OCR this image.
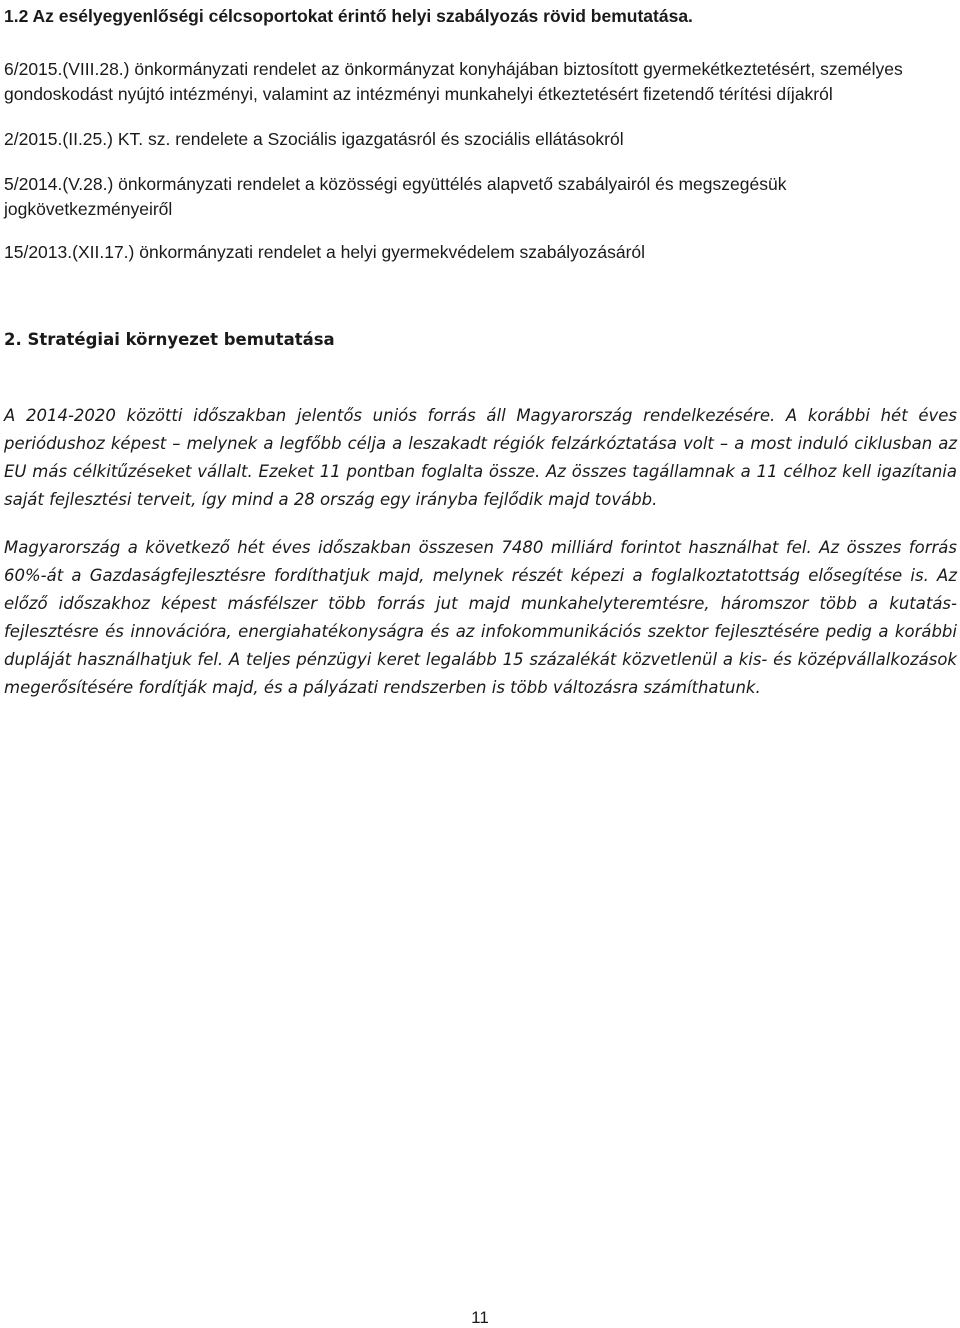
1.2 Az esélyegyenlőségi célcsoportokat érintő helyi szabályozás rövid bemutatása.

6/2015.(VIII.28.) önkormányzati rendelet az önkormányzat konyhájában biztosított gyermekétkeztetésért, személyes gondoskodást nyújtó intézményi, valamint az intézményi munkahelyi étkeztetésért fizetendő térítési díjakról

2/2015.(II.25.) KT. sz. rendelete a Szociális igazgatásról és szociális ellátásokról

5/2014.(V.28.) önkormányzati rendelet a közösségi együttélés alapvető szabályairól és megszegésük jogkövetkezményeiről

15/2013.(XII.17.) önkormányzati rendelet a helyi gyermekvédelem szabályozásáról

2. Stratégiai környezet bemutatása

A 2014-2020 közötti időszakban jelentős uniós forrás áll Magyarország rendelkezésére. A korábbi hét éves periódushoz képest – melynek a legfőbb célja a leszakadt régiók felzárkóztatása volt – a most induló ciklusban az EU más célkitűzéseket vállalt. Ezeket 11 pontban foglalta össze. Az összes tagállamnak a 11 célhoz kell igazítania saját fejlesztési terveit, így mind a 28 ország egy irányba fejlődik majd tovább.

Magyarország a következő hét éves időszakban összesen 7480 milliárd forintot használhat fel. Az összes forrás 60%-át a Gazdaságfejlesztésre fordíthatjuk majd, melynek részét képezi a foglalkoztatottság elősegítése is. Az előző időszakhoz képest másfélszer több forrás jut majd munkahelyteremtésre, háromszor több a kutatás-fejlesztésre és innovációra, energiahatékonyságra és az infokommunikációs szektor fejlesztésére pedig a korábbi dupláját használhatjuk fel. A teljes pénzügyi keret legalább 15 százalékát közvetlenül a kis- és középvállalkozások megerősítésére fordítják majd, és a pályázati rendszerben is több változásra számíthatunk.

11
